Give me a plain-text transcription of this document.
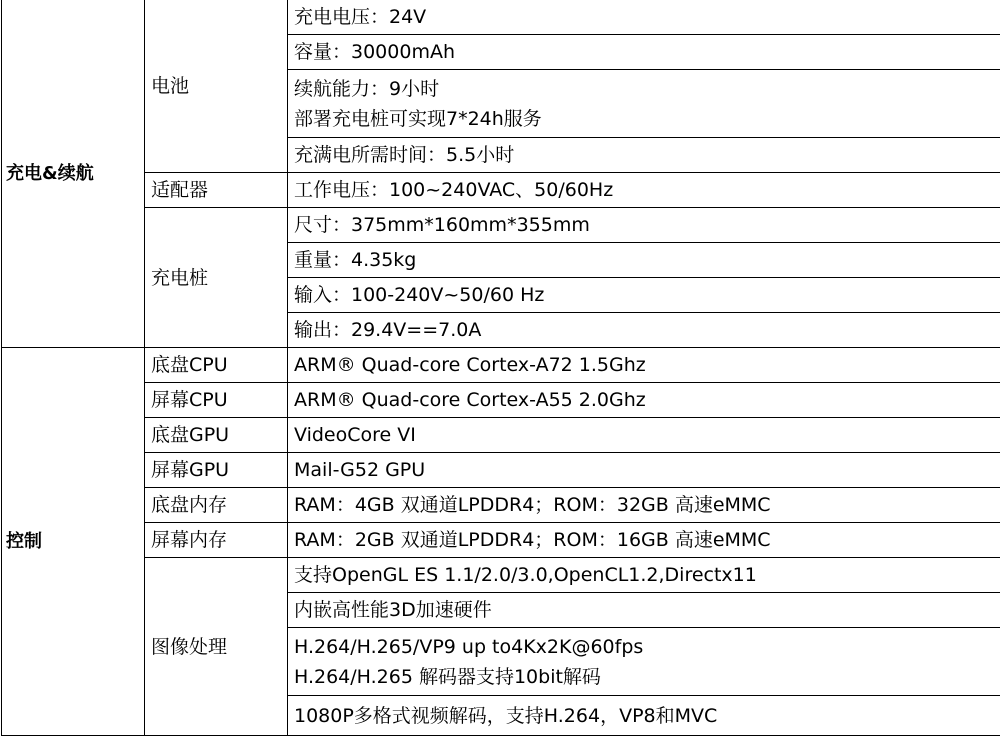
充电&续航	电池	充电电压：24V
		容量：30000mAh

		续航能力：9小时
部署充电桩可实现7*24h服务

		充满电所需时间：5.5小时
	适配器	工作电压：100~240VAC、50/60Hz
	充电桩	尺寸：375mm*160mm*355mm
		重量：4.35kg
		输入：100-240V~50/60 Hz
		输出：29.4V==7.0A
控制	底盘CPU	ARM® Quad-core Cortex-A72 1.5Ghz
	屏幕CPU	ARM® Quad-core Cortex-A55 2.0Ghz
	底盘GPU	VideoCore VI
	屏幕GPU	Mail-G52 GPU
	底盘内存	RAM：4GB 双通道LPDDR4；ROM：32GB 高速eMMC
	屏幕内存	RAM：2GB 双通道LPDDR4；ROM：16GB 高速eMMC
	图像处理	支持OpenGL ES 1.1/2.0/3.0,OpenCL1.2,Directx11
		内嵌高性能3D加速硬件

		H.264/H.265/VP9 up to4Kx2K@60fps
H.264/H.265 解码器支持10bit解码

		1080P多格式视频解码，支持H.264，VP8和MVC
